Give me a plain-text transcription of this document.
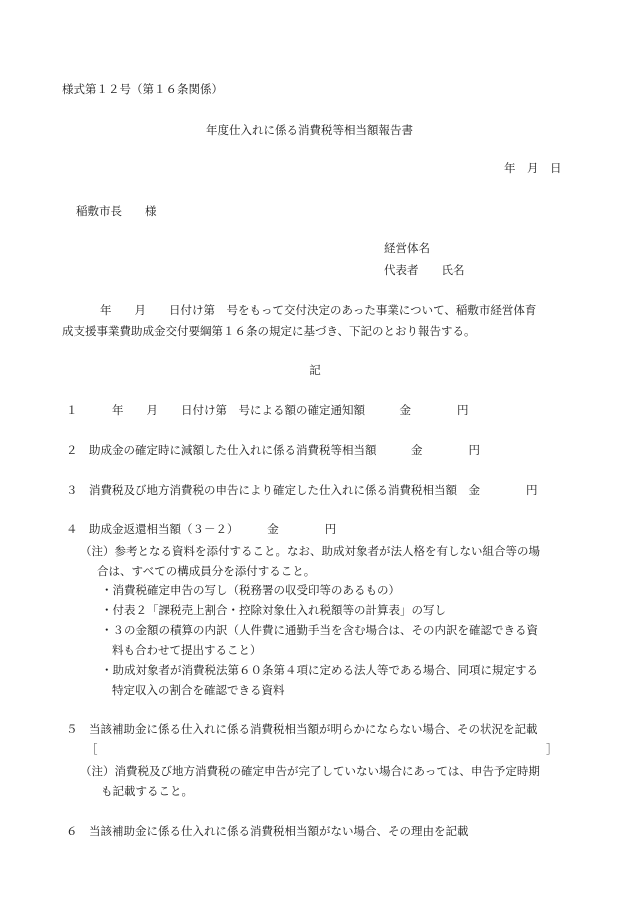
様式第１２号（第１６条関係）
年度仕入れに係る消費税等相当額報告書
年　月　日
稲敷市長　　様
経営体名
代表者　　氏名
年　　月　　日付け第　号をもって交付決定のあった事業について、稲敷市経営体育
成支援事業費助成金交付要綱第１６条の規定に基づき、下記のとおり報告する。
記
１　　　年　　月　　日付け第　号による額の確定通知額　　　金　　　　円
２　助成金の確定時に減額した仕入れに係る消費税等相当額　　　金　　　　円
３　消費税及び地方消費税の申告により確定した仕入れに係る消費税相当額　金　　　　円
４　助成金返還相当額（３－２）　　　金　　　　円
（注）参考となる資料を添付すること。なお、助成対象者が法人格を有しない組合等の場
合は、すべての構成員分を添付すること。
・消費税確定申告の写し（税務署の収受印等のあるもの）
・付表２「課税売上割合・控除対象仕入れ税額等の計算表」の写し
・３の金額の積算の内訳（人件費に通勤手当を含む場合は、その内訳を確認できる資
料も合わせて提出すること）
・助成対象者が消費税法第６０条第４項に定める法人等である場合、同項に規定する
特定収入の割合を確認できる資料
５　当該補助金に係る仕入れに係る消費税相当額が明らかにならない場合、その状況を記載
［	］
（注）消費税及び地方消費税の確定申告が完了していない場合にあっては、申告予定時期
も記載すること。
６　当該補助金に係る仕入れに係る消費税相当額がない場合、その理由を記載
